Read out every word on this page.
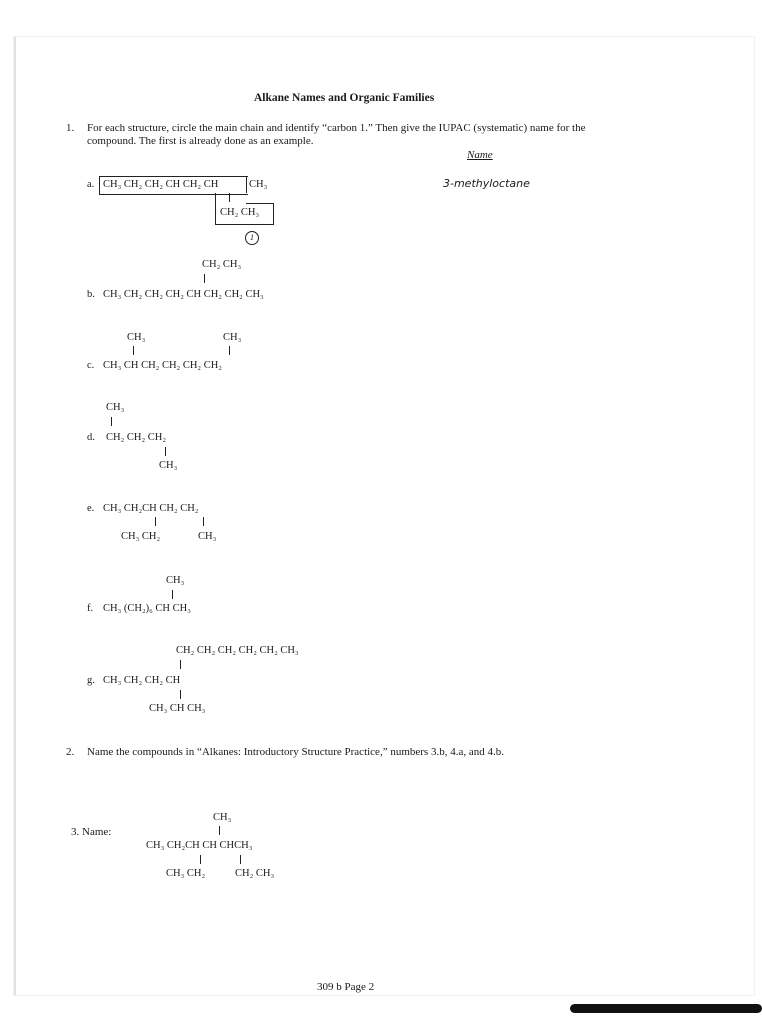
Alkane Names and Organic Families
1. For each structure, circle the main chain and identify “carbon 1.” Then give the IUPAC (systematic) name for the
compound. The first is already done as an example.
Name
a. CH₃ CH₂ CH₂ CH CH₂ CH	CH₃
CH₂ CH₃
1
3-methyloctane
CH₂ CH₃
b. CH₃ CH₂ CH₂ CH₂ CH CH₂ CH₂ CH₃
CH₃	CH₃
c. CH₃ CH CH₂ CH₂ CH₂ CH₂
CH₃
d. CH₂ CH₂ CH₂
CH₃
e. CH₃ CH₂CH CH₂ CH₂
CH₃ CH₂	CH₃
CH₃
f. CH₃ (CH₂)₆ CH CH₃
CH₂ CH₂ CH₂ CH₂ CH₂ CH₃
g. CH₃ CH₂ CH₂ CH
CH₃ CH CH₃
2. Name the compounds in “Alkanes: Introductory Structure Practice,” numbers 3.b, 4.a, and 4.b.
CH₃
3. Name:
CH₃ CH₂CH CH CHCH₃
CH₃ CH₂	CH₂ CH₃
309 b Page 2
